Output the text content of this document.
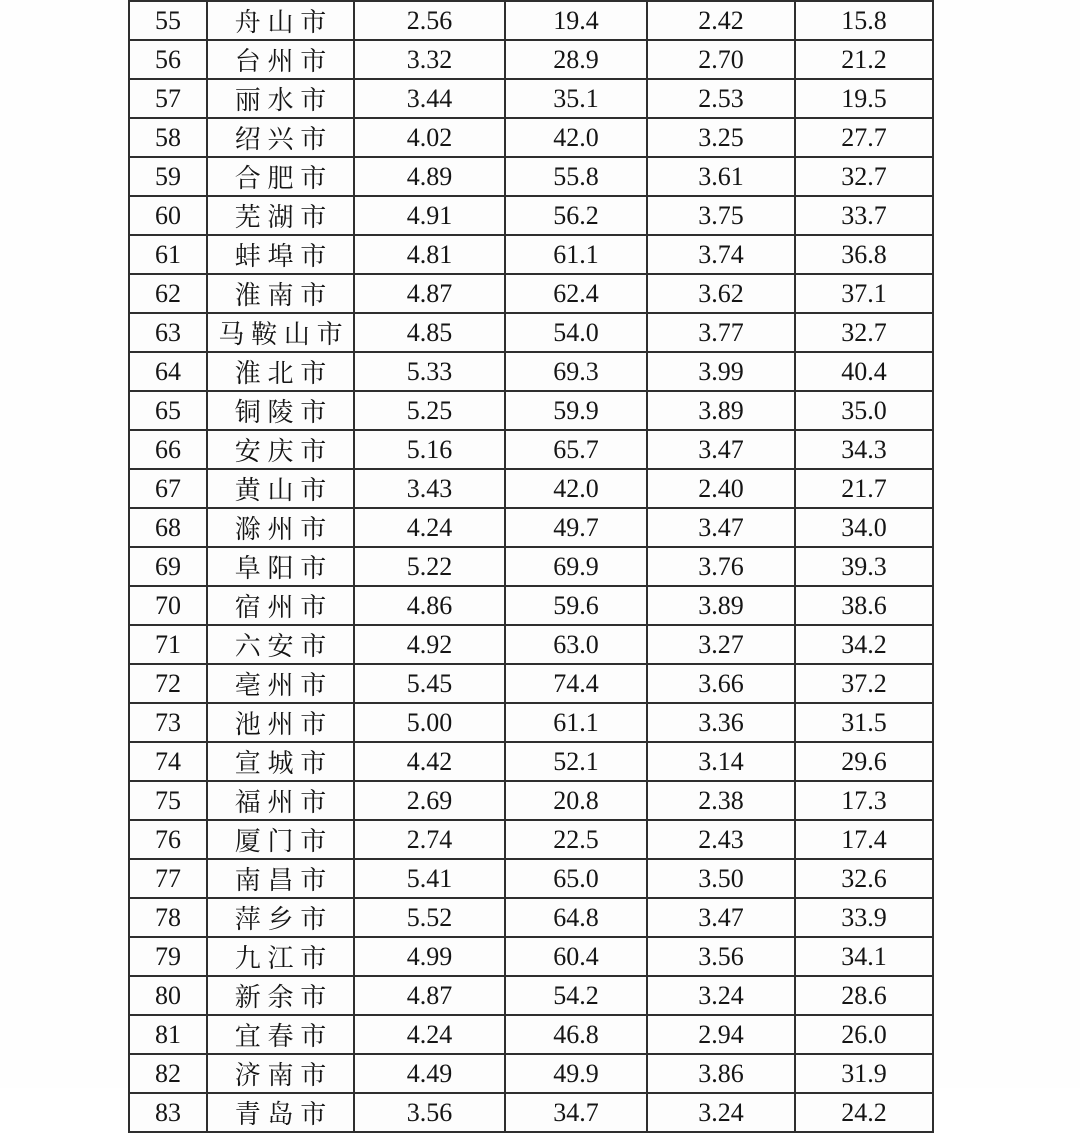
55	舟山市	2.56	19.4	2.42	15.8
56	台州市	3.32	28.9	2.70	21.2
57	丽水市	3.44	35.1	2.53	19.5
58	绍兴市	4.02	42.0	3.25	27.7
59	合肥市	4.89	55.8	3.61	32.7
60	芜湖市	4.91	56.2	3.75	33.7
61	蚌埠市	4.81	61.1	3.74	36.8
62	淮南市	4.87	62.4	3.62	37.1
63	马鞍山市	4.85	54.0	3.77	32.7
64	淮北市	5.33	69.3	3.99	40.4
65	铜陵市	5.25	59.9	3.89	35.0
66	安庆市	5.16	65.7	3.47	34.3
67	黄山市	3.43	42.0	2.40	21.7
68	滁州市	4.24	49.7	3.47	34.0
69	阜阳市	5.22	69.9	3.76	39.3
70	宿州市	4.86	59.6	3.89	38.6
71	六安市	4.92	63.0	3.27	34.2
72	亳州市	5.45	74.4	3.66	37.2
73	池州市	5.00	61.1	3.36	31.5
74	宣城市	4.42	52.1	3.14	29.6
75	福州市	2.69	20.8	2.38	17.3
76	厦门市	2.74	22.5	2.43	17.4
77	南昌市	5.41	65.0	3.50	32.6
78	萍乡市	5.52	64.8	3.47	33.9
79	九江市	4.99	60.4	3.56	34.1
80	新余市	4.87	54.2	3.24	28.6
81	宜春市	4.24	46.8	2.94	26.0
82	济南市	4.49	49.9	3.86	31.9
83	青岛市	3.56	34.7	3.24	24.2
